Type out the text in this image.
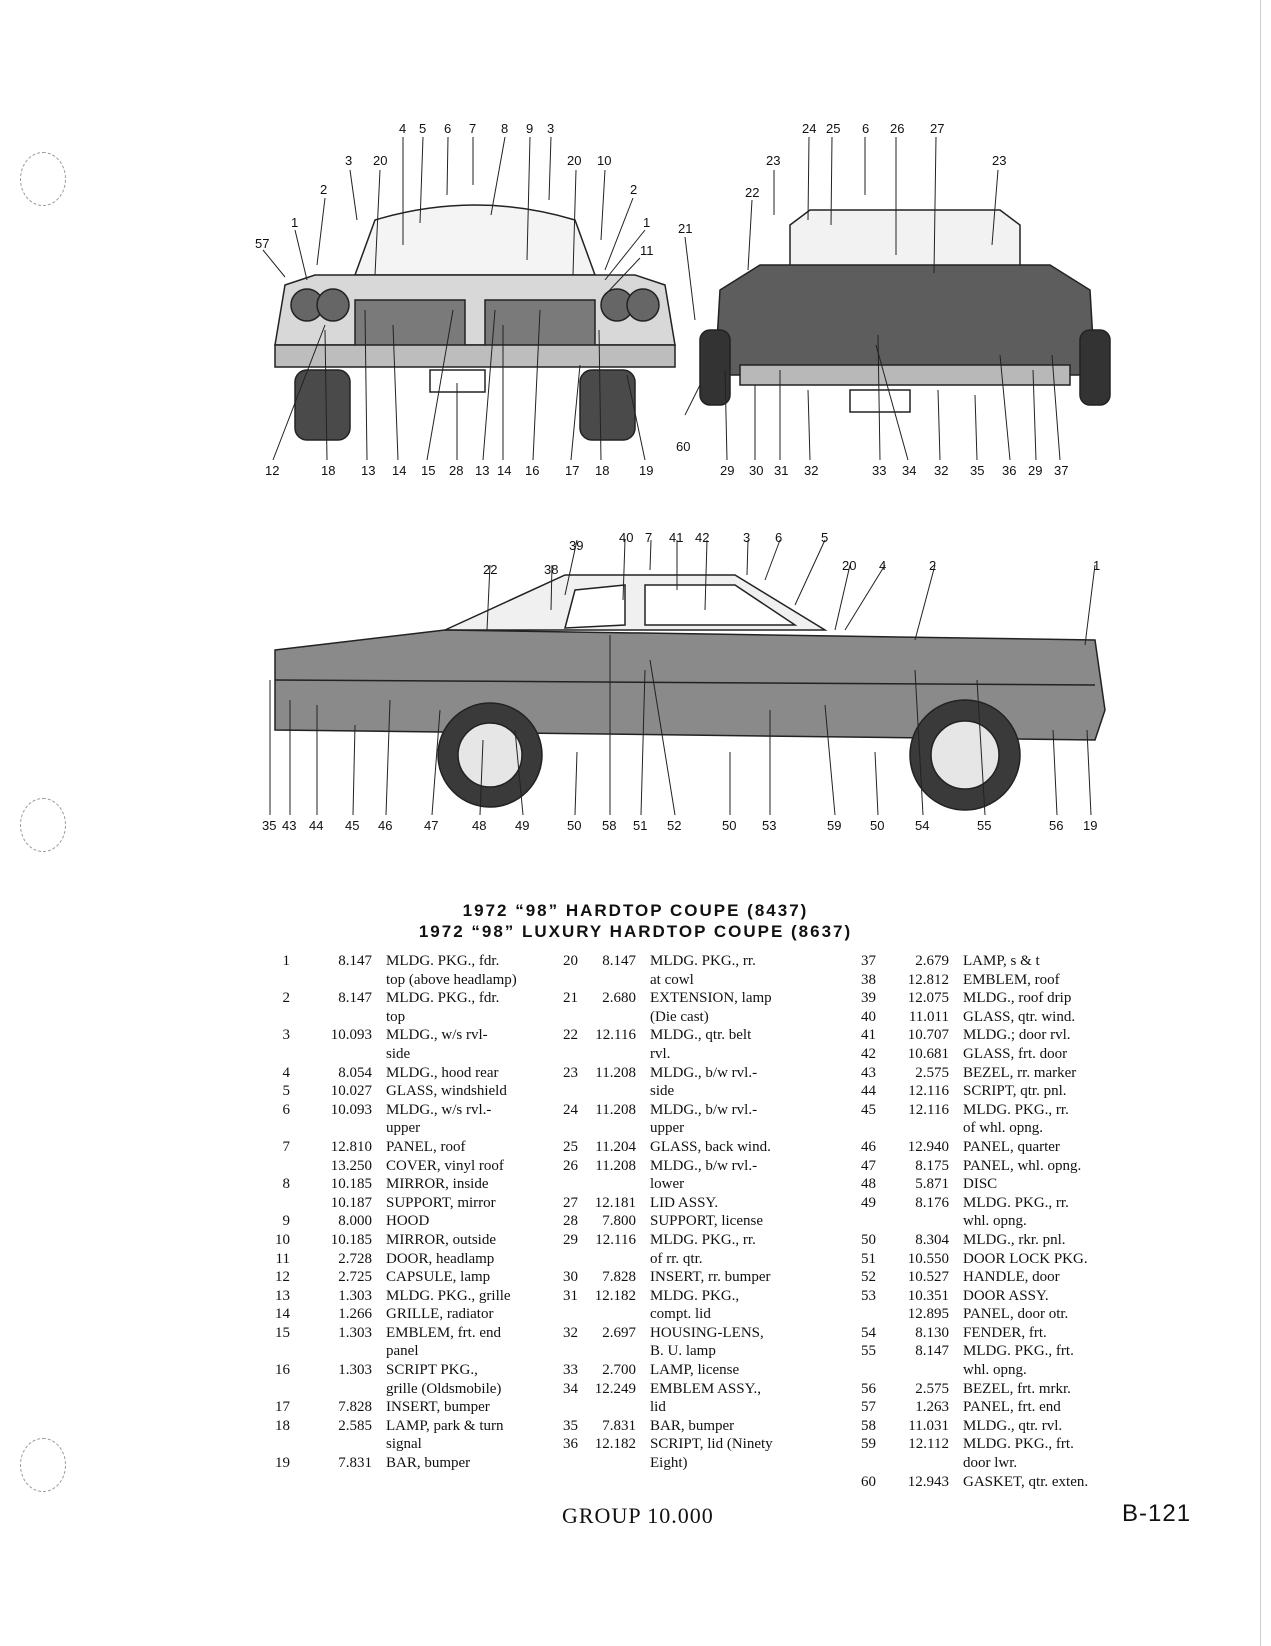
4 5 6 7 8 9 3
3 20	20 10
2	2
1
11
57
1
12	18 13 14 15 28 13 14 16 17 18 19
24 25 6 26 27
23	23
22
21
60
29 30 31 32	33 34 32 35 36 29 37
40 7 41 42	3 6	5
39
22	38	20 4	2	1
35 43 44 45 46 47	48 49	50 58 51 52	50 53	59 50 54	55	56 19
1972 “98” HARDTOP COUPE (8437)
1972 “98” LUXURY HARDTOP COUPE (8637)
1	8.147 MLDG. PKG., fdr.
top (above headlamp)
2	8.147 MLDG. PKG., fdr.
top
3	10.093 MLDG., w/s rvl-
side
4	8.054 MLDG., hood rear
5	10.027 GLASS, windshield
6	10.093 MLDG., w/s rvl.-
upper
7	12.810 PANEL, roof
13.250 COVER, vinyl roof
8	10.185 MIRROR, inside
10.187 SUPPORT, mirror
9	8.000 HOOD
10	10.185 MIRROR, outside
11	2.728 DOOR, headlamp
12	2.725 CAPSULE, lamp
13	1.303 MLDG. PKG., grille
14	1.266 GRILLE, radiator
15	1.303 EMBLEM, frt. end
panel
16	1.303 SCRIPT PKG.,
grille (Oldsmobile)
17	7.828 INSERT, bumper
18	2.585 LAMP, park & turn
signal
19	7.831 BAR, bumper
20	8.147 MLDG. PKG., rr.
at cowl
21	2.680 EXTENSION, lamp
(Die cast)
22	12.116 MLDG., qtr. belt
rvl.
23	11.208 MLDG., b/w rvl.-
side
24	11.208 MLDG., b/w rvl.-
upper
25	11.204 GLASS, back wind.
26	11.208 MLDG., b/w rvl.-
lower
27	12.181 LID ASSY.
28	7.800 SUPPORT, license
29	12.116 MLDG. PKG., rr.
of rr. qtr.
30	7.828 INSERT, rr. bumper
31	12.182 MLDG. PKG.,
compt. lid
32	2.697 HOUSING-LENS,
B. U. lamp
33	2.700 LAMP, license
34	12.249 EMBLEM ASSY.,
lid
35	7.831 BAR, bumper
36	12.182 SCRIPT, lid (Ninety
Eight)
37	2.679 LAMP, s & t
38	12.812 EMBLEM, roof
39	12.075 MLDG., roof drip
40	11.011 GLASS, qtr. wind.
41	10.707 MLDG.; door rvl.
42	10.681 GLASS, frt. door
43	2.575 BEZEL, rr. marker
44	12.116 SCRIPT, qtr. pnl.
45	12.116 MLDG. PKG., rr.
of whl. opng.
46	12.940 PANEL, quarter
47	8.175 PANEL, whl. opng.
48	5.871 DISC
49	8.176 MLDG. PKG., rr.
whl. opng.
50	8.304 MLDG., rkr. pnl.
51	10.550 DOOR LOCK PKG.
52	10.527 HANDLE, door
53	10.351 DOOR ASSY.
12.895 PANEL, door otr.
54	8.130 FENDER, frt.
55	8.147 MLDG. PKG., frt.
whl. opng.
56	2.575 BEZEL, frt. mrkr.
57	1.263 PANEL, frt. end
58	11.031 MLDG., qtr. rvl.
59	12.112 MLDG. PKG., frt.
door lwr.
60	12.943 GASKET, qtr. exten.
GROUP 10.000	B-121
